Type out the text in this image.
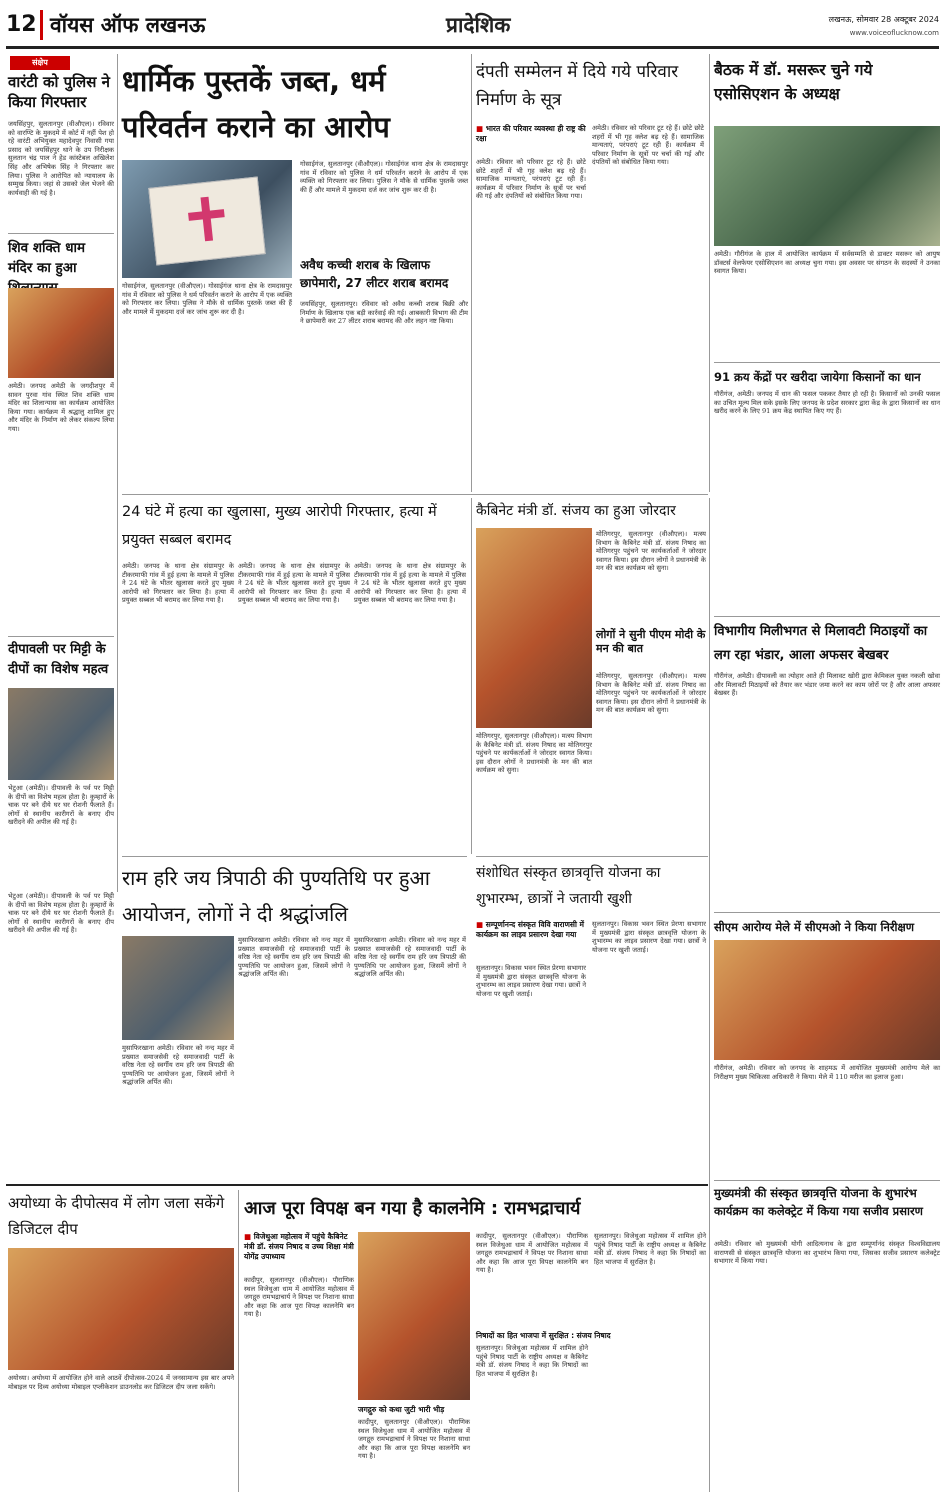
12 वॉयस ऑफ लखनऊ	प्रादेशिक	लखनऊ, सोमवार 28 अक्टूबर 2024
www.voiceoflucknow.com
संक्षेप
वारंटी को पुलिस ने किया गिरफ्तार
जयसिंहपुर, सुलतानपुर (वीऔएल)। रविवार को वारण्टि के मुकदमे में कोर्ट में नहीं पेश हो रहे वारंटी अभियुक्त महादेवपुर निवासी गया प्रसाद को जयसिंहपुर थाने के उप निरीक्षक सुलतान चंद्र पाल ने हेड कांस्टेबल अखिलेश सिंह और अभिषेक सिंह ने गिरफ्तार कर लिया। पुलिस ने आरोपित को न्यायालय के सम्मुख किया। जहां से उसको जेल भेजने की कार्यवाही की गई है।
शिव शक्ति धाम मंदिर का हुआ
अमेठी। जनपद अमेठी के जगदीशपुर में सावन पुरवा गांव स्थित शिव शक्ति धाम मंदिर का शिलान्यास का कार्यक्रम आयोजित किया गया। कार्यक्रम में श्रद्धालु शामिल हुए और मंदिर के निर्माण को लेकर संकल्प लिया गया।
दीपावली पर मिट्टी के दीपों का विशेष महत्व
भेटुआ (अमेठी)। दीपावली के पर्व पर मिट्टी के दीपों का विशेष महत्व होता है। कुम्हारों के चाक पर बने दीये घर घर रोशनी फैलाते हैं। लोगों से स्थानीय कारीगरों के बनाए दीप खरीदने की अपील की गई है।
धार्मिक पुस्तकें जब्त, धर्म परिवर्तन कराने का आरोप
गोसाईगंज, सुलतानपुर (वीऔएल)। गोसाईगंज थाना क्षेत्र के रामदासपुर गांव में रविवार को पुलिस ने धर्म परिवर्तन कराने के आरोप में एक व्यक्ति को गिरफ्तार कर लिया। पुलिस ने मौके से धार्मिक पुस्तकें जब्त की हैं और मामले में मुकदमा दर्ज कर जांच शुरू कर दी है।
गोसाईगंज, सुलतानपुर (वीऔएल)। गोसाईगंज थाना क्षेत्र के रामदासपुर गांव में रविवार को पुलिस ने धर्म परिवर्तन कराने के आरोप में एक व्यक्ति को गिरफ्तार कर लिया। पुलिस ने मौके से धार्मिक पुस्तकें जब्त की हैं और मामले में मुकदमा दर्ज कर जांच शुरू कर दी है।
अवैध कच्ची शराब के खिलाफ छापेमारी, 27 लीटर शराब बरामद
जयसिंहपुर, सुलतानपुर। रविवार को अवैध कच्ची शराब बिक्री और निर्माण के खिलाफ एक बड़ी कार्रवाई की गई। आबकारी विभाग की टीम ने छापेमारी कर 27 लीटर शराब बरामद की और लहन नष्ट किया।
दंपती सम्मेलन में दिये गये परिवार निर्माण के सूत्र
■ भारत की परिवार व्यवस्था ही राष्ट्र की रक्षा
अमेठी। रविवार को परिवार टूट रहे हैं। छोटे छोटे शहरों में भी गृह क्लेश बढ़ रहे हैं। सामाजिक मान्यताएं, परंपराएं टूट रही हैं। कार्यक्रम में परिवार निर्माण के सूत्रों पर चर्चा की गई और दंपतियों को संबोधित किया गया।
अमेठी। रविवार को परिवार टूट रहे हैं। छोटे छोटे शहरों में भी गृह क्लेश बढ़ रहे हैं। सामाजिक मान्यताएं, परंपराएं टूट रही हैं। कार्यक्रम में परिवार निर्माण के सूत्रों पर चर्चा की गई और दंपतियों को संबोधित किया गया।
बैठक में डॉ. मसरूर चुने गये एसोसिएशन के अध्यक्ष
अमेठी। गौरीगंज के हाल में आयोजित कार्यक्रम में सर्वसम्मति से डाक्टर मसरूर को आयुष डॉक्टर्स वेलफेयर एसोसिएशन का अध्यक्ष चुना गया। इस अवसर पर संगठन के सदस्यों ने उनका स्वागत किया।
91 क्रय केंद्रों पर खरीदा जायेगा किसानों का धान
गौरीगंज, अमेठी। जनपद में धान की फसल पककर तैयार हो रही है। किसानों को उनकी फसल का उचित मूल्य मिल सके इसके लिए जनपद के प्रदेश सरकार द्वारा केंद्र के द्वारा किसानों का धान खरीद करने के लिए 91 क्रय केंद्र स्थापित किए गए हैं।
विभागीय मिलीभगत से मिलावटी मिठाइयों का लग रहा भंडार, आला अफसर बेखबर
गौरीगंज, अमेठी। दीपावली का त्योहार आते ही मिलावट खोरी द्वारा केमिकल युक्त नकली खोवा और मिलावटी मिठाइयों को तैयार कर भंडार जमा करने का काम जोरों पर है और आला अफसर बेखबर हैं।
सीएम आरोग्य मेले में सीएमओ ने किया निरीक्षण
गौरीगंज, अमेठी। रविवार को जनपद के शाहमऊ में आयोजित मुख्यमंत्री आरोग्य मेले का निरीक्षण मुख्य चिकित्सा अधिकारी ने किया। मेले में 110 मरीज का इलाज हुआ।
मुख्यमंत्री की संस्कृत छात्रवृत्ति योजना के शुभारंभ कार्यक्रम का कलेक्ट्रेट में किया गया सजीव प्रसारण
अमेठी। रविवार को मुख्यमंत्री योगी आदित्यनाथ के द्वारा सम्पूर्णानंद संस्कृत विश्वविद्यालय वाराणसी से संस्कृत छात्रवृत्ति योजना का शुभारंभ किया गया, जिसका सजीव प्रसारण कलेक्ट्रेट सभागार में किया गया।
24 घंटे में हत्या का खुलासा, मुख्य आरोपी गिरफ्तार, हत्या में प्रयुक्त सब्बल बरामद
अमेठी। जनपद के थाना क्षेत्र संग्रामपुर के टीकरमाफी गांव में हुई हत्या के मामले में पुलिस ने 24 घंटे के भीतर खुलासा करते हुए मुख्य आरोपी को गिरफ्तार कर लिया है। हत्या में प्रयुक्त सब्बल भी बरामद कर लिया गया है।
अमेठी। जनपद के थाना क्षेत्र संग्रामपुर के टीकरमाफी गांव में हुई हत्या के मामले में पुलिस ने 24 घंटे के भीतर खुलासा करते हुए मुख्य आरोपी को गिरफ्तार कर लिया है। हत्या में प्रयुक्त सब्बल भी बरामद कर लिया गया है।
अमेठी। जनपद के थाना क्षेत्र संग्रामपुर के टीकरमाफी गांव में हुई हत्या के मामले में पुलिस ने 24 घंटे के भीतर खुलासा करते हुए मुख्य आरोपी को गिरफ्तार कर लिया है। हत्या में प्रयुक्त सब्बल भी बरामद कर लिया गया है।
कैबिनेट मंत्री डॉ. संजय का हुआ जोरदार
लोगों ने सुनी पीएम मोदी के मन की बात
मोतिगरपुर, सुलतानपुर (वीऔएल)। मत्स्य विभाग के कैबिनेट मंत्री डॉ. संजय निषाद का मोतिगरपुर पहुंचने पर कार्यकर्ताओं ने जोरदार स्वागत किया। इस दौरान लोगों ने प्रधानमंत्री के मन की बात कार्यक्रम को सुना।
मोतिगरपुर, सुलतानपुर (वीऔएल)। मत्स्य विभाग के कैबिनेट मंत्री डॉ. संजय निषाद का मोतिगरपुर पहुंचने पर कार्यकर्ताओं ने जोरदार स्वागत किया। इस दौरान लोगों ने प्रधानमंत्री के मन की बात कार्यक्रम को सुना।
मोतिगरपुर, सुलतानपुर (वीऔएल)। मत्स्य विभाग के कैबिनेट मंत्री डॉ. संजय निषाद का मोतिगरपुर पहुंचने पर कार्यकर्ताओं ने जोरदार स्वागत किया। इस दौरान लोगों ने प्रधानमंत्री के मन की बात कार्यक्रम को सुना।
राम हरि जय त्रिपाठी की पुण्यतिथि पर हुआ आयोजन, लोगों ने दी श्रद्धांजलि
मुसाफिरखाना अमेठी। रविवार को नन्द महर में प्रख्यात समाजसेवी रहे समाजवादी पार्टी के वरिष्ठ नेता रहे स्वर्गीय राम हरि जय त्रिपाठी की पुण्यतिथि पर आयोजन हुआ, जिसमें लोगों ने श्रद्धांजलि अर्पित की।
मुसाफिरखाना अमेठी। रविवार को नन्द महर में प्रख्यात समाजसेवी रहे समाजवादी पार्टी के वरिष्ठ नेता रहे स्वर्गीय राम हरि जय त्रिपाठी की पुण्यतिथि पर आयोजन हुआ, जिसमें लोगों ने श्रद्धांजलि अर्पित की।
मुसाफिरखाना अमेठी। रविवार को नन्द महर में प्रख्यात समाजसेवी रहे समाजवादी पार्टी के वरिष्ठ नेता रहे स्वर्गीय राम हरि जय त्रिपाठी की पुण्यतिथि पर आयोजन हुआ, जिसमें लोगों ने श्रद्धांजलि अर्पित की।
भेटुआ (अमेठी)। दीपावली के पर्व पर मिट्टी के दीपों का विशेष महत्व होता है। कुम्हारों के चाक पर बने दीये घर घर रोशनी फैलाते हैं। लोगों से स्थानीय कारीगरों के बनाए दीप खरीदने की अपील की गई है।
संशोधित संस्कृत छात्रवृत्ति योजना का शुभारम्भ, छात्रों ने जतायी खुशी
■ सम्पूर्णानन्द संस्कृत विवि वाराणसी में कार्यक्रम का लाइव प्रसारण देखा गया
सुलतानपुर। विकास भवन स्थित प्रेरणा सभागार में मुख्यमंत्री द्वारा संस्कृत छात्रवृत्ति योजना के शुभारम्भ का लाइव प्रसारण देखा गया। छात्रों ने योजना पर खुशी जताई।
सुलतानपुर। विकास भवन स्थित प्रेरणा सभागार में मुख्यमंत्री द्वारा संस्कृत छात्रवृत्ति योजना के शुभारम्भ का लाइव प्रसारण देखा गया। छात्रों ने योजना पर खुशी जताई।
अयोध्या के दीपोत्सव में लोग जला सकेंगे डिजिटल दीप
अयोध्या। अयोध्या में आयोजित होने वाले आठवें दीपोत्सव-2024 में जनसामान्य इस बार अपने मोबाइल पर दिव्य अयोध्या मोबाइल एप्लीकेशन डाउनलोड कर डिजिटल दीप जला सकेंगे।
आज पूरा विपक्ष बन गया है कालनेमि : रामभद्राचार्य
■ विजेथुआ महोत्सव में पहुंचे कैबिनेट मंत्री डॉ. संजय निषाद व उच्च शिक्षा मंत्री योगेंद्र उपाध्याय
कादीपुर, सुलतानपुर (वीऔएल)। पौराणिक स्थल विजेथुआ धाम में आयोजित महोत्सव में जगद्गुरु रामभद्राचार्य ने विपक्ष पर निशाना साधा और कहा कि आज पूरा विपक्ष कालनेमि बन गया है।
जगद्गुरु को कथा जुटी भारी भीड़
कादीपुर, सुलतानपुर (वीऔएल)। पौराणिक स्थल विजेथुआ धाम में आयोजित महोत्सव में जगद्गुरु रामभद्राचार्य ने विपक्ष पर निशाना साधा और कहा कि आज पूरा विपक्ष कालनेमि बन गया है।
कादीपुर, सुलतानपुर (वीऔएल)। पौराणिक स्थल विजेथुआ धाम में आयोजित महोत्सव में जगद्गुरु रामभद्राचार्य ने विपक्ष पर निशाना साधा और कहा कि आज पूरा विपक्ष कालनेमि बन गया है।
निषादों का हित भाजपा में सुरक्षित : संजय निषाद
सुलतानपुर। विजेथुआ महोत्सव में शामिल होने पहुंचे निषाद पार्टी के राष्ट्रीय अध्यक्ष व कैबिनेट मंत्री डॉ. संजय निषाद ने कहा कि निषादों का हित भाजपा में सुरक्षित है।
सुलतानपुर। विजेथुआ महोत्सव में शामिल होने पहुंचे निषाद पार्टी के राष्ट्रीय अध्यक्ष व कैबिनेट मंत्री डॉ. संजय निषाद ने कहा कि निषादों का हित भाजपा में सुरक्षित है।
